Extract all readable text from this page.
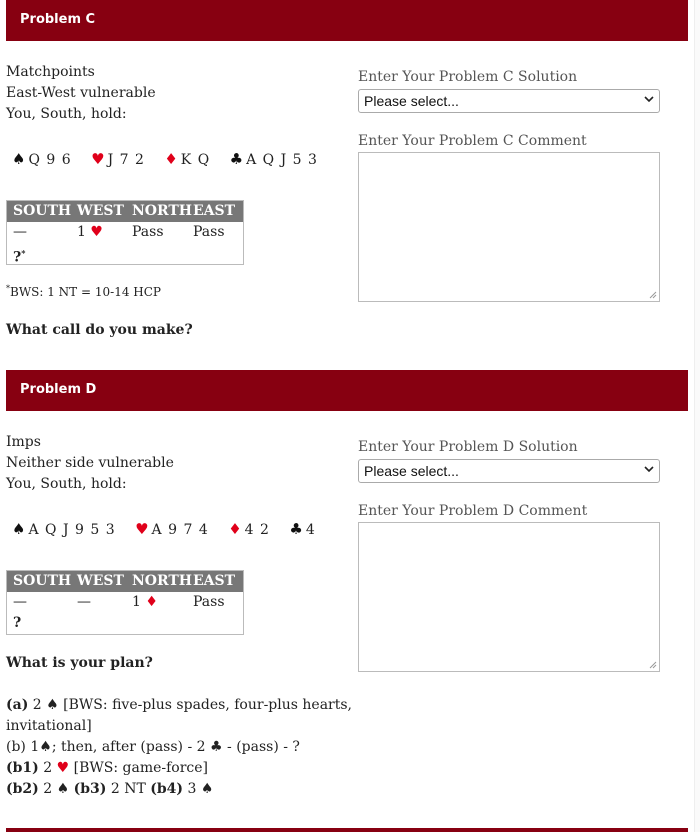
Problem C
Matchpoints
East-West vulnerable
You, South, hold:
♠ Q 9 6 ♥ J 7 2 ♦ K Q ♣ A Q J 5 3
SOUTH WEST NORTH EAST
—	1 ♥	Pass	Pass
?*
*BWS: 1 NT = 10-14 HCP
What call do you make?
Enter Your Problem C Solution
Please select...
Enter Your Problem C Comment
Problem D
Imps
Neither side vulnerable
You, South, hold:
♠ A Q J 9 5 3 ♥ A 9 7 4 ♦ 4 2 ♣ 4
SOUTH WEST NORTH EAST
—	—	1 ♦	Pass
?
What is your plan?
(a) 2 ♠ [BWS: five-plus spades, four-plus hearts,
invitational]
(b) 1♠; then, after (pass) - 2 ♣ - (pass) - ?
(b1) 2 ♥ [BWS: game-force]
(b2) 2 ♠ (b3) 2 NT (b4) 3 ♠
Enter Your Problem D Solution
Please select...
Enter Your Problem D Comment
